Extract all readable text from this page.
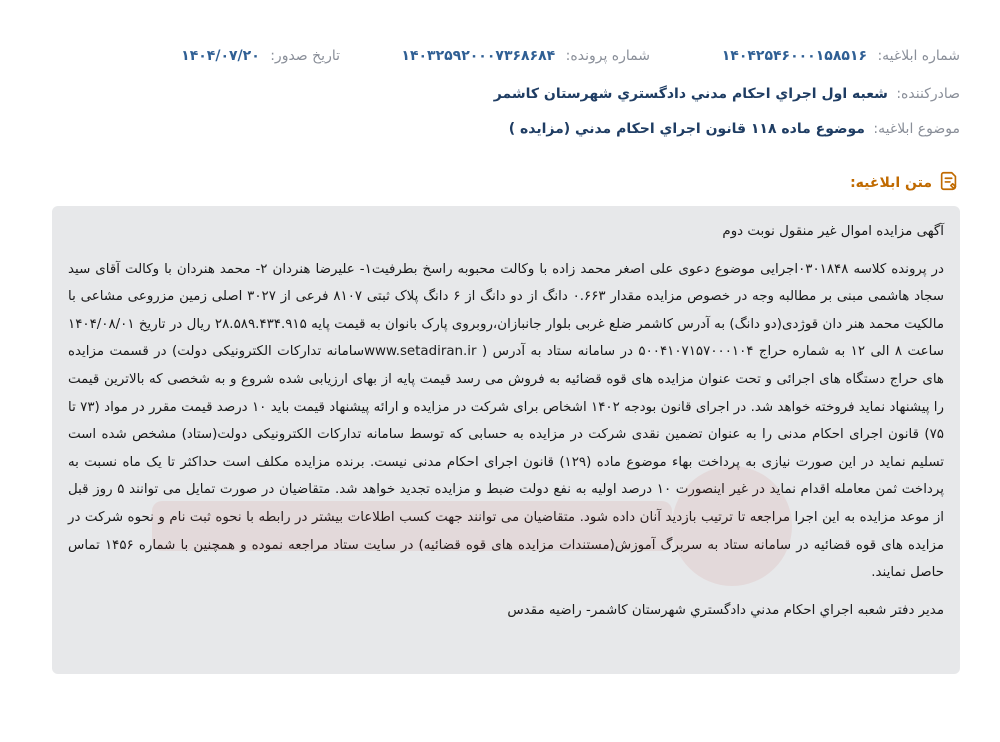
شماره ابلاغیه: ۱۴۰۴۲۵۴۶۰۰۰۱۵۸۵۱۶
شماره پرونده: ۱۴۰۳۲۵۹۲۰۰۰۷۳۶۸۶۸۴
تاریخ صدور: ۱۴۰۴/۰۷/۲۰
صادرکننده: شعبه اول اجراي احكام مدني دادگستري شهرستان كاشمر
موضوع ابلاغیه: موضوع ماده ۱۱۸ قانون اجراي احكام مدني (مزايده )
متن ابلاغیه:

آگهی مزایده اموال غیر منقول نوبت دوم

در پرونده کلاسه ۰۳۰۱۸۴۸اجرایی موضوع دعوی علی اصغر محمد زاده با وکالت محبوبه راسخ بطرفیت۱- علیرضا هنردان ۲- محمد هنردان با وکالت آقای سید سجاد هاشمی مبنی بر مطالبه وجه در خصوص مزایده مقدار ۰.۶۶۳ دانگ از دو دانگ از ۶ دانگ پلاک ثبتی ۸۱۰۷ فرعی از ۳۰۲۷ اصلی زمین مزروعی مشاعی با مالکیت محمد هنر دان قوژدی(دو دانگ) به آدرس کاشمر ضلع غربی بلوار جانبازان،روبروی پارک بانوان به قیمت پایه ۲۸.۵۸۹.۴۳۴.۹۱۵ ریال در تاریخ ۱۴۰۴/۰۸/۰۱ ساعت ۸ الی ۱۲ به شماره حراج ۵۰۰۴۱۰۷۱۵۷۰۰۰۱۰۴ در سامانه ستاد به آدرس ( www.setadiran.irسامانه تدارکات الکترونیکی دولت) در قسمت مزایده های حراج دستگاه های اجرائی و تحت عنوان مزایده های قوه قضائیه به فروش می رسد قیمت پایه از بهای ارزیابی شده شروع و به شخصی که بالاترین قیمت را پیشنهاد نماید فروخته خواهد شد. در اجرای قانون بودجه ۱۴۰۲ اشخاص برای شرکت در مزایده و ارائه پیشنهاد قیمت باید ۱۰ درصد قیمت مقرر در مواد (۷۳ تا ۷۵) قانون اجرای احکام مدنی را به عنوان تضمین نقدی شرکت در مزایده به حسابی که توسط سامانه تدارکات الکترونیکی دولت(ستاد) مشخص شده است تسلیم نماید در این صورت نیازی به پرداخت بهاء موضوع ماده (۱۲۹) قانون اجرای احکام مدنی نیست. برنده مزایده مکلف است حداکثر تا یک ماه نسبت به پرداخت ثمن معامله اقدام نماید در غیر اینصورت ۱۰ درصد اولیه به نفع دولت ضبط و مزایده تجدید خواهد شد. متقاضیان در صورت تمایل می توانند ۵ روز قبل از موعد مزایده به این اجرا مراجعه تا ترتیب بازدید آنان داده شود. متقاضیان می توانند جهت کسب اطلاعات بیشتر در رابطه با نحوه ثبت نام و نحوه شرکت در مزایده های قوه قضائیه در سامانه ستاد به سربرگ آموزش(مستندات مزایده های قوه قضائیه) در سایت ستاد مراجعه نموده و همچنین با شماره ۱۴۵۶ تماس حاصل نمایند.

مدیر دفتر شعبه اجراي احكام مدني دادگستري شهرستان كاشمر- راضیه مقدس
